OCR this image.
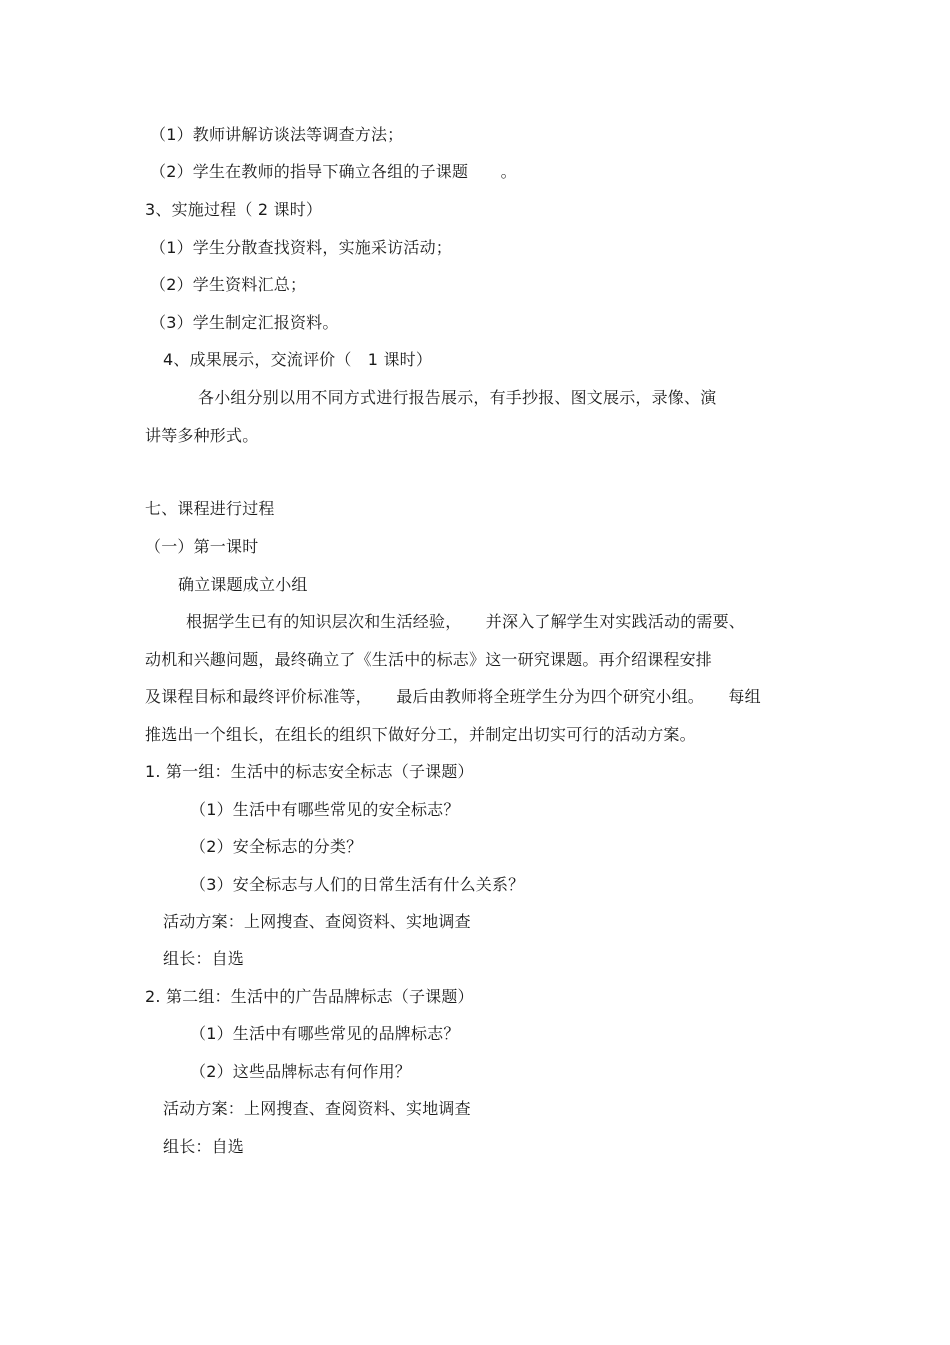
（1）教师讲解访谈法等调查方法；
（2）学生在教师的指导下确立各组的子课题　　。
3、实施过程（ 2 课时）
（1）学生分散查找资料，实施采访活动；
（2）学生资料汇总；
（3）学生制定汇报资料。
4、成果展示，交流评价（　1 课时）
各小组分别以用不同方式进行报告展示，有手抄报、图文展示，录像、演
讲等多种形式。
七、课程进行过程
（一）第一课时
确立课题成立小组
根据学生已有的知识层次和生活经验，　　并深入了解学生对实践活动的需要、
动机和兴趣问题，最终确立了《生活中的标志》这一研究课题。再介绍课程安排
及课程目标和最终评价标准等，　　最后由教师将全班学生分为四个研究小组。　　每组
推选出一个组长，在组长的组织下做好分工，并制定出切实可行的活动方案。
1. 第一组：生活中的标志安全标志（子课题）
（1）生活中有哪些常见的安全标志？
（2）安全标志的分类？
（3）安全标志与人们的日常生活有什么关系？
活动方案：上网搜查、查阅资料、实地调查
组长：自选
2. 第二组：生活中的广告品牌标志（子课题）
（1）生活中有哪些常见的品牌标志？
（2）这些品牌标志有何作用？
活动方案：上网搜查、查阅资料、实地调查
组长：自选
